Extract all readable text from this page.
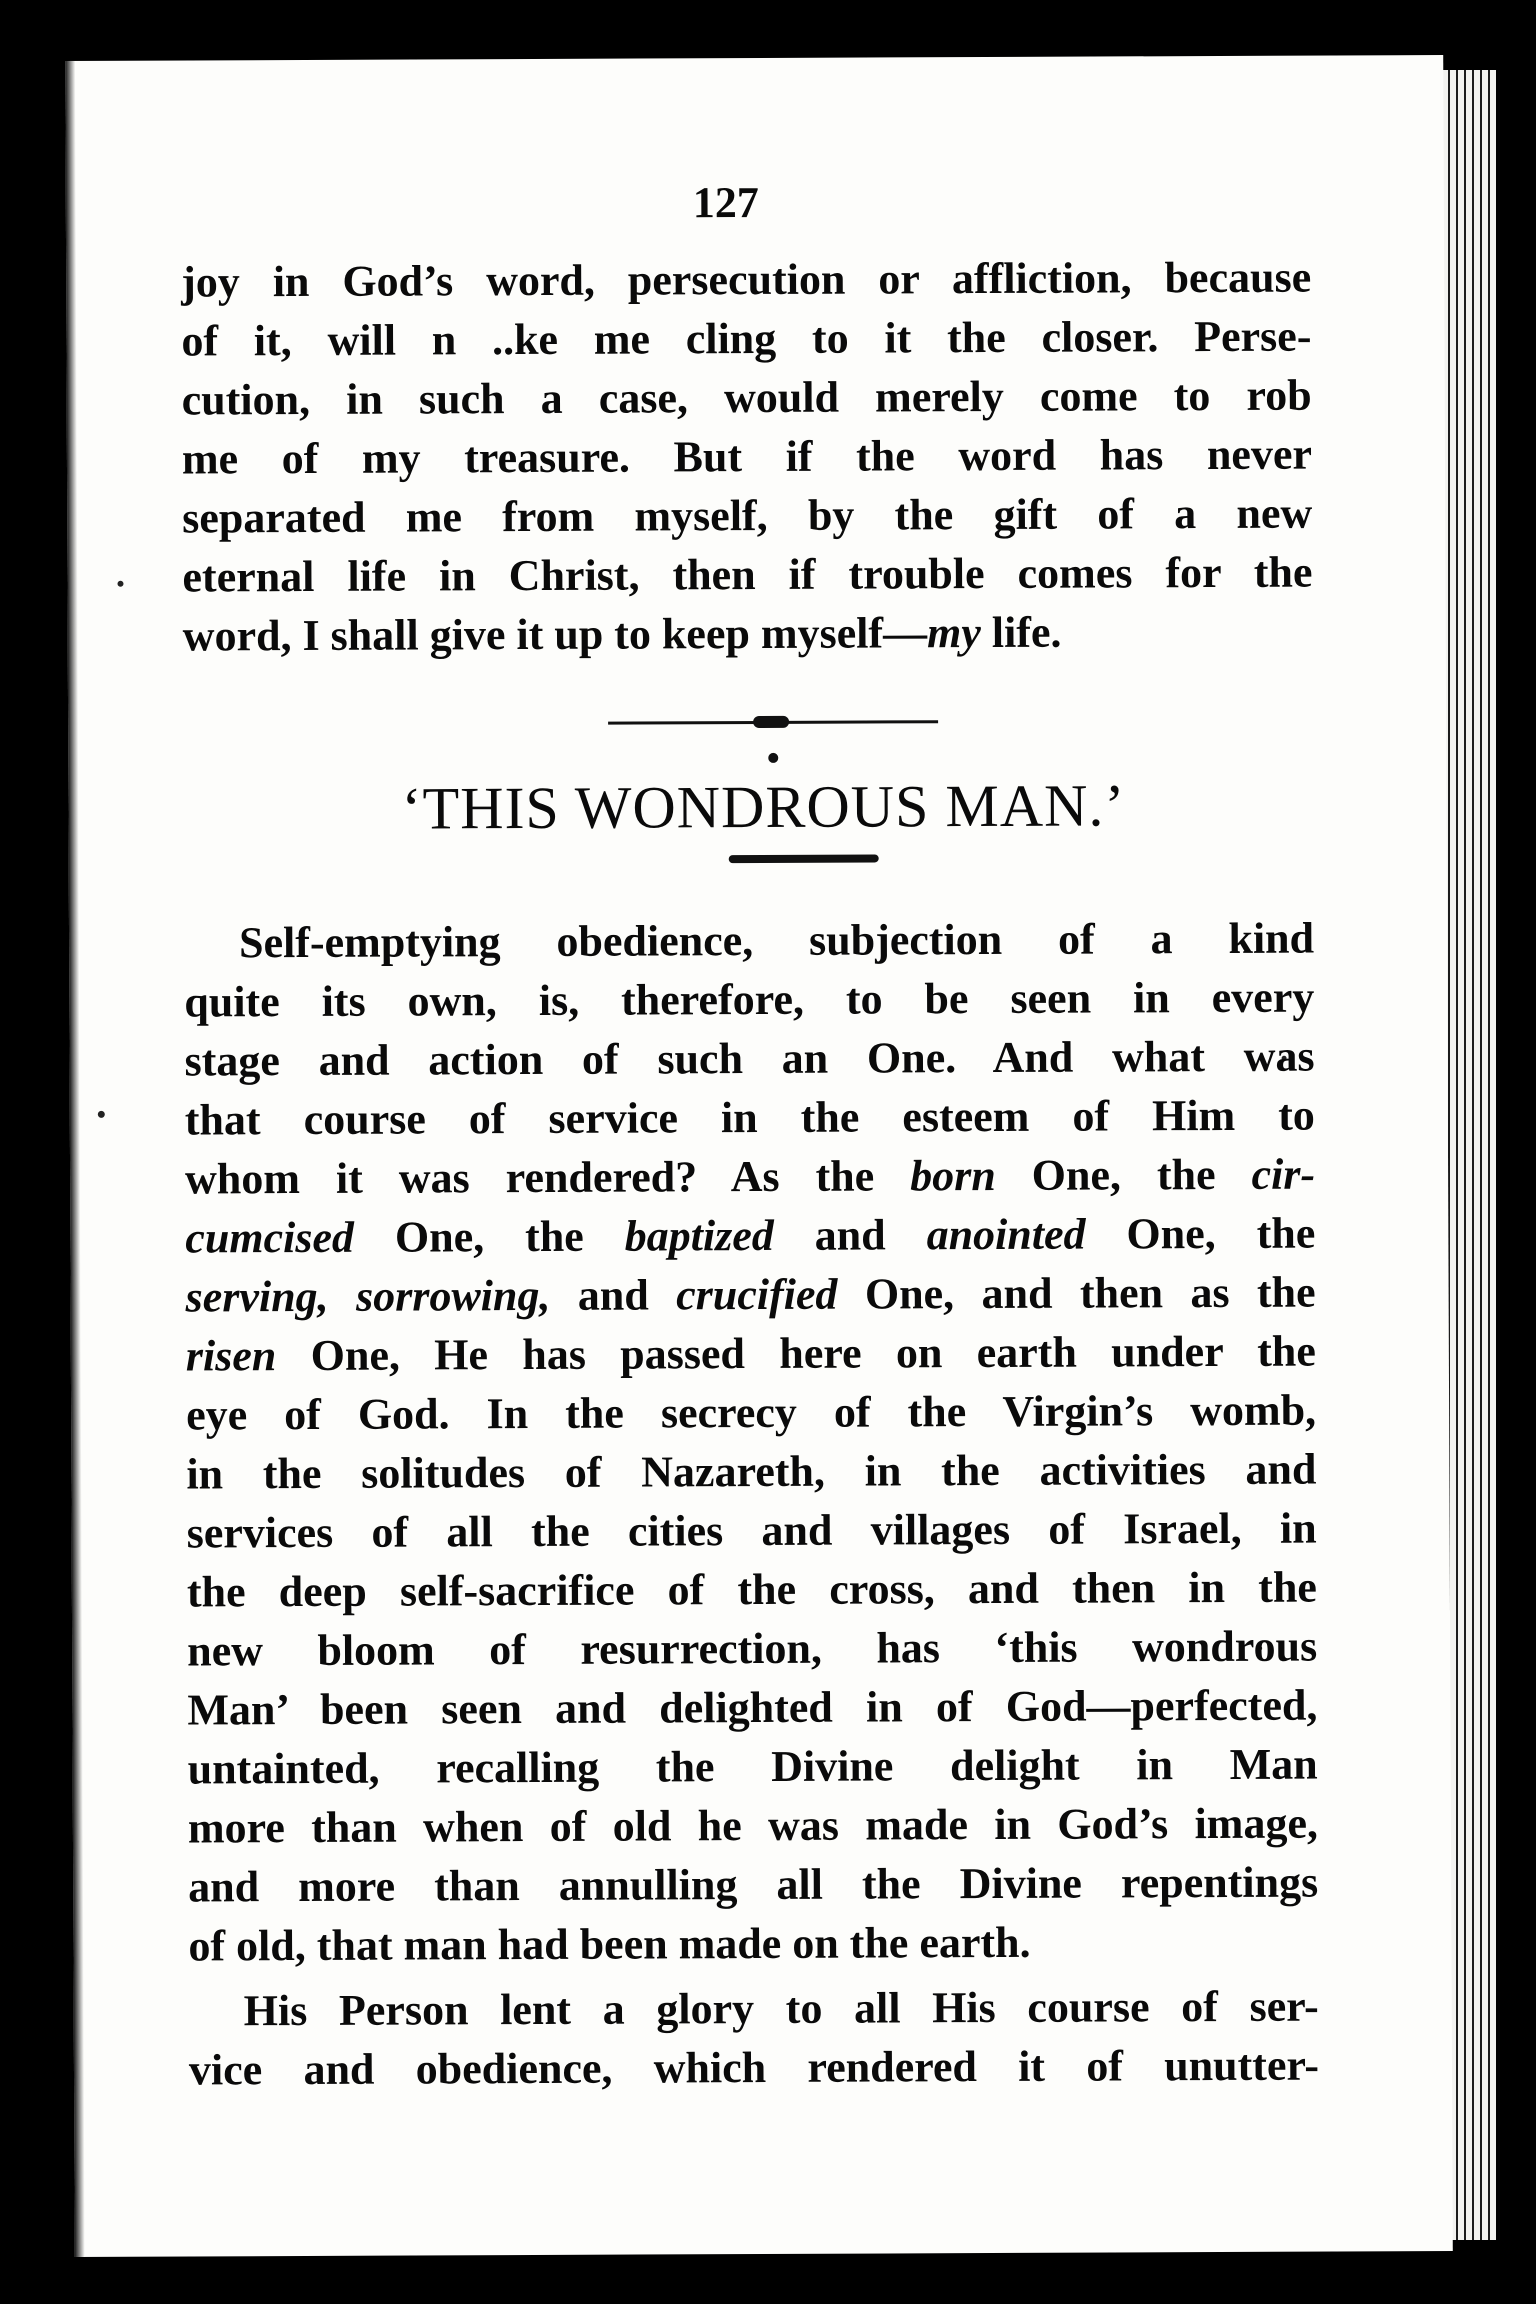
127
joy in God’s word, persecution or affliction, because
of it, will n ..ke me cling to it the closer. Perse-
cution, in such a case, would merely come to rob
me of my treasure. But if the word has never
separated me from myself, by the gift of a new
eternal life in Christ, then if trouble comes for the
word, I shall give it up to keep myself—my life.
‘THIS WONDROUS MAN.’
Self-emptying obedience, subjection of a kind
quite its own, is, therefore, to be seen in every
stage and action of such an One. And what was
that course of service in the esteem of Him to
whom it was rendered? As the born One, the cir-
cumcised One, the baptized and anointed One, the
serving, sorrowing, and crucified One, and then as the
risen One, He has passed here on earth under the
eye of God. In the secrecy of the Virgin’s womb,
in the solitudes of Nazareth, in the activities and
services of all the cities and villages of Israel, in
the deep self-sacrifice of the cross, and then in the
new bloom of resurrection, has ‘this wondrous
Man’ been seen and delighted in of God—perfected,
untainted, recalling the Divine delight in Man
more than when of old he was made in God’s image,
and more than annulling all the Divine repentings
of old, that man had been made on the earth.
His Person lent a glory to all His course of ser-
vice and obedience, which rendered it of unutter-
